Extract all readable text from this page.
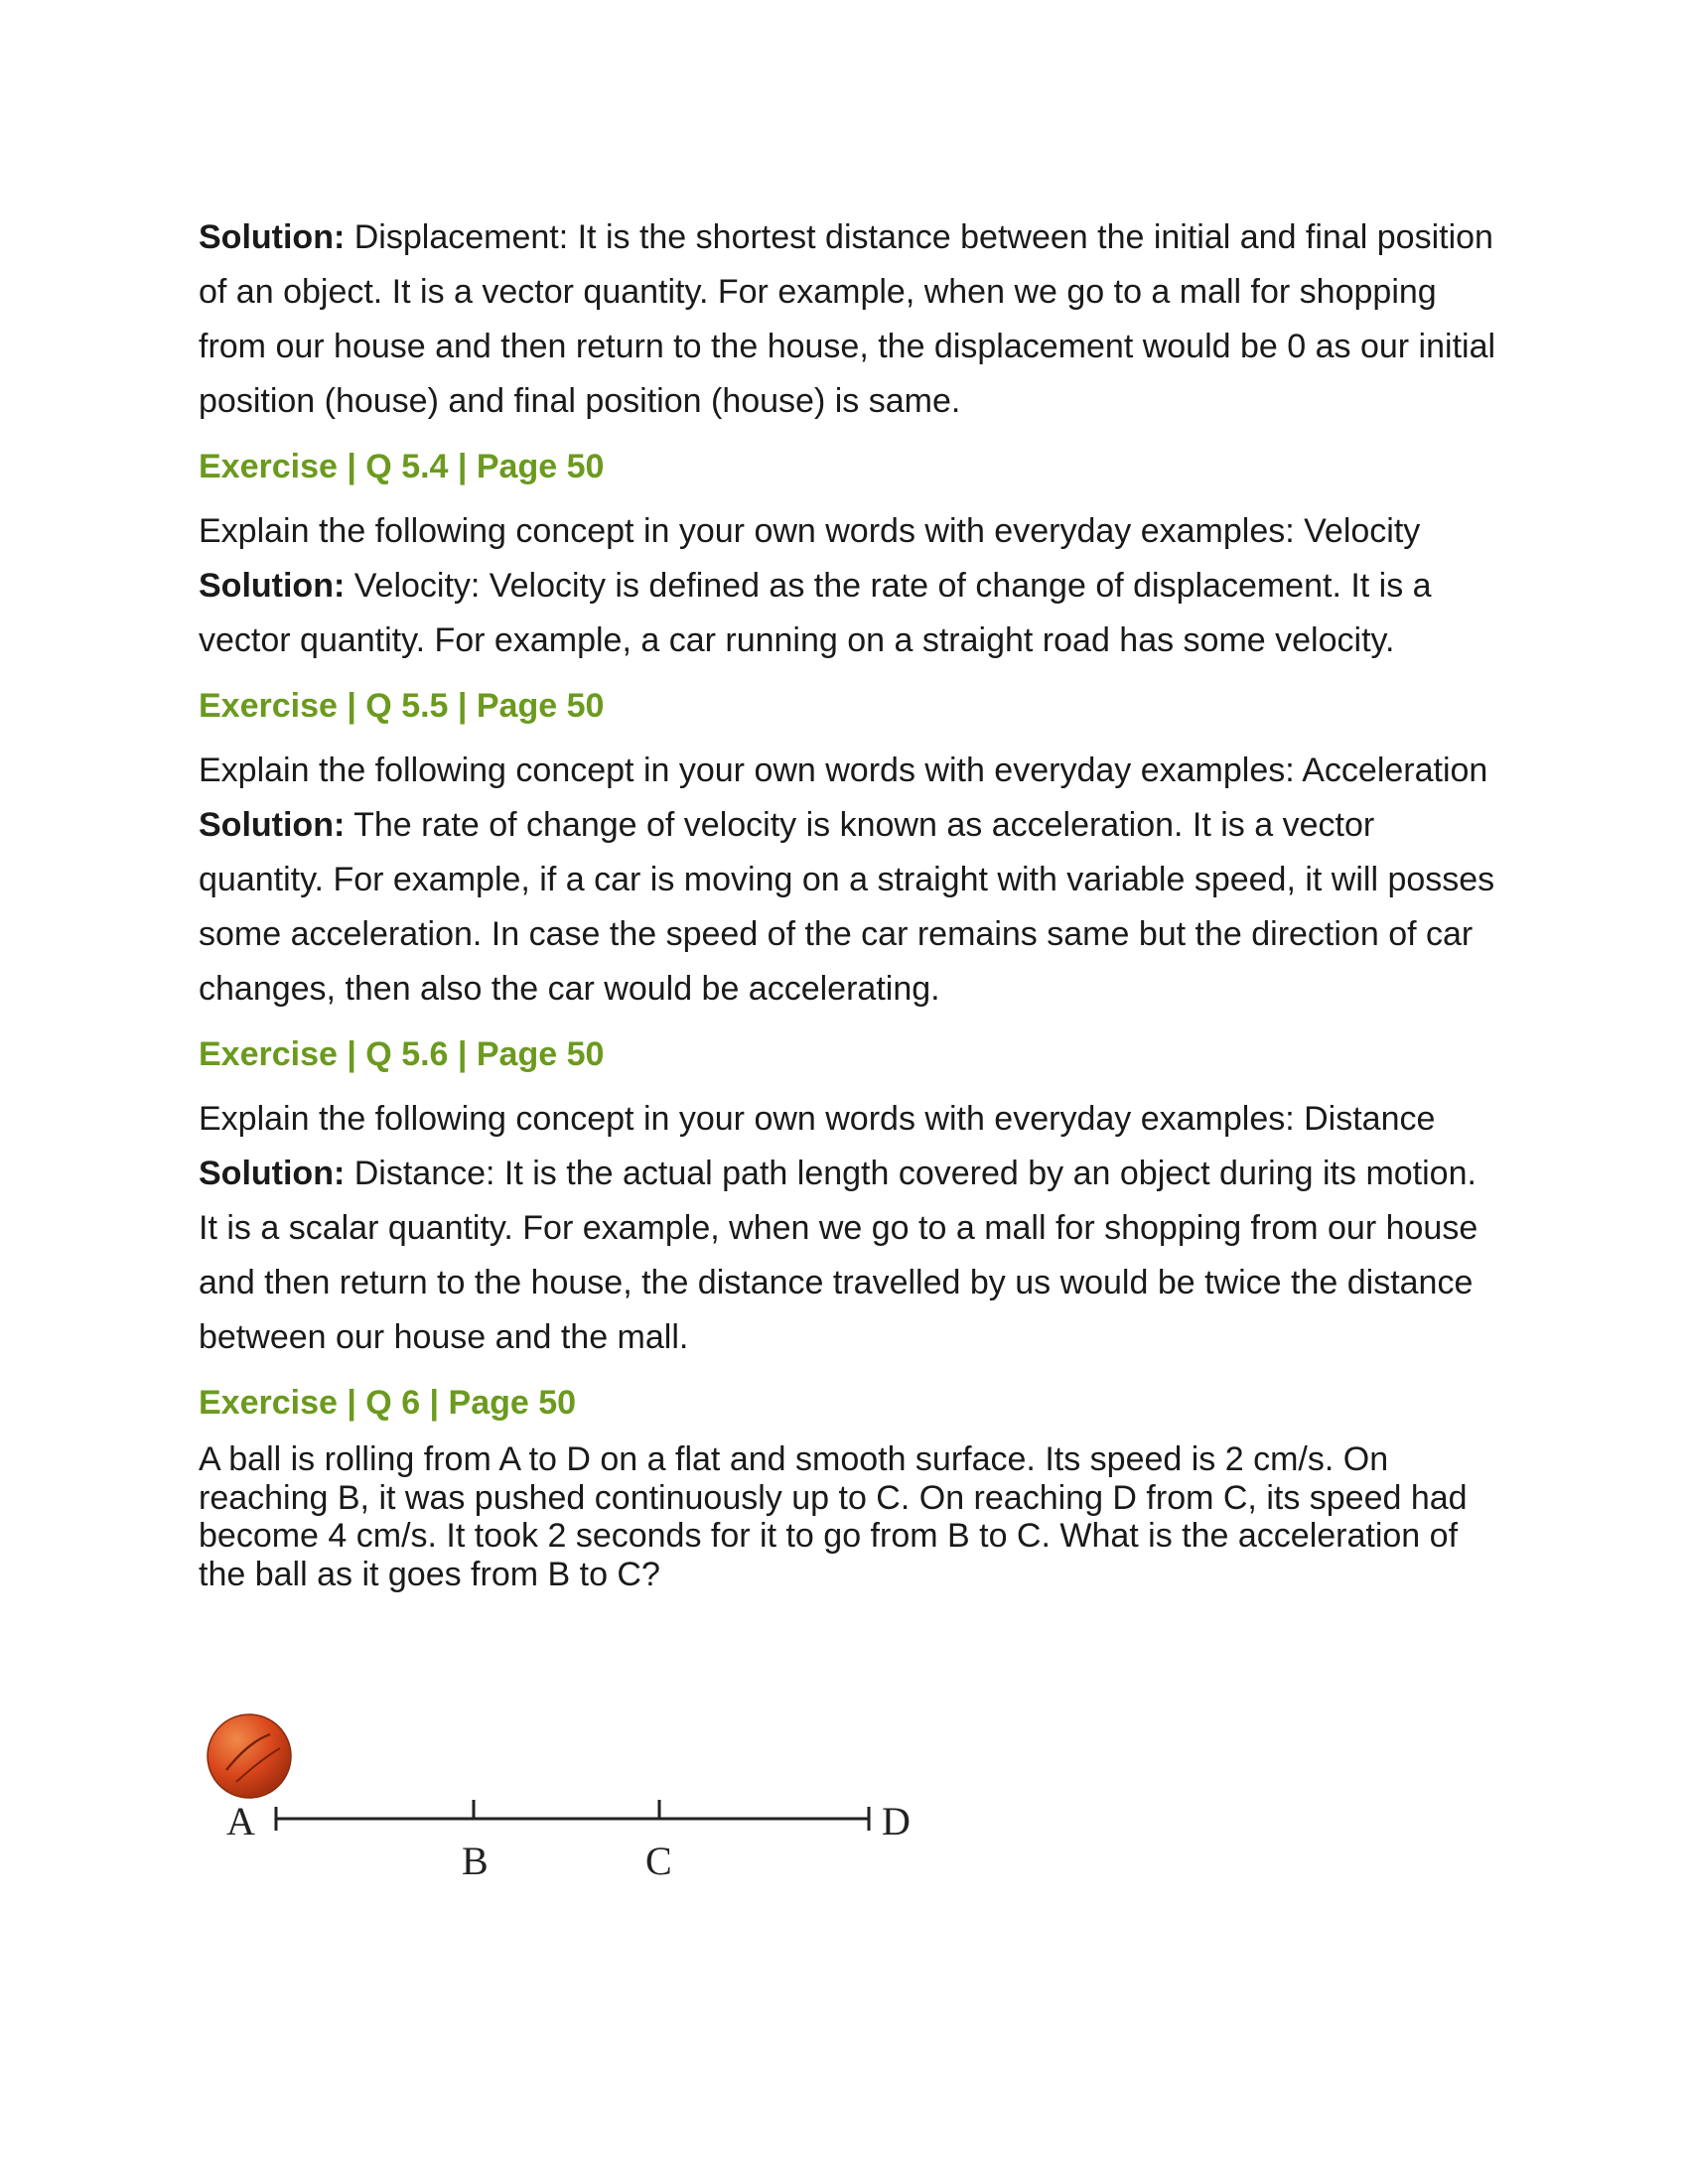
Solution: Displacement: It is the shortest distance between the initial and final position of an object. It is a vector quantity. For example, when we go to a mall for shopping from our house and then return to the house, the displacement would be 0 as our initial position (house) and final position (house) is same.

Exercise | Q 5.4 | Page 50

Explain the following concept in your own words with everyday examples: Velocity

Solution: Velocity: Velocity is defined as the rate of change of displacement. It is a vector quantity. For example, a car running on a straight road has some velocity.

Exercise | Q 5.5 | Page 50

Explain the following concept in your own words with everyday examples: Acceleration

Solution: The rate of change of velocity is known as acceleration. It is a vector quantity. For example, if a car is moving on a straight with variable speed, it will posses some acceleration. In case the speed of the car remains same but the direction of car changes, then also the car would be accelerating.

Exercise | Q 5.6 | Page 50

Explain the following concept in your own words with everyday examples: Distance

Solution: Distance: It is the actual path length covered by an object during its motion. It is a scalar quantity. For example, when we go to a mall for shopping from our house and then return to the house, the distance travelled by us would be twice the distance between our house and the mall.

Exercise | Q 6 | Page 50

A ball is rolling from A to D on a flat and smooth surface. Its speed is 2 cm/s. On reaching B, it was pushed continuously up to C. On reaching D from C, its speed had become 4 cm/s. It took 2 seconds for it to go from B to C. What is the acceleration of the ball as it goes from B to C?

A
B	C
D
